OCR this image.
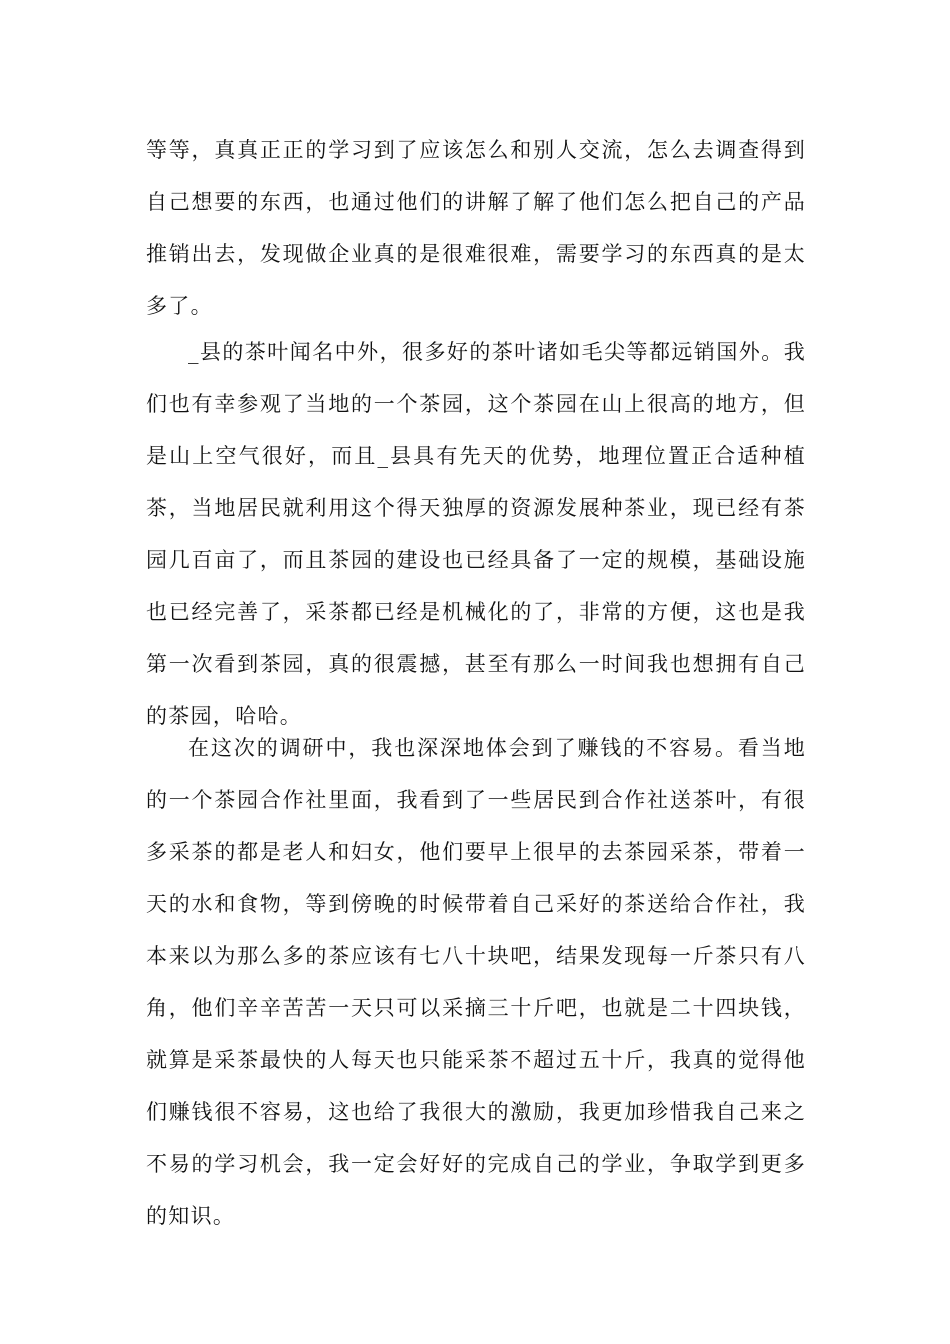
等等，真真正正的学习到了应该怎么和别人交流，怎么去调查得到
自己想要的东西，也通过他们的讲解了解了他们怎么把自己的产品
推销出去，发现做企业真的是很难很难，需要学习的东西真的是太
多了。
_县的茶叶闻名中外，很多好的茶叶诸如毛尖等都远销国外。我
们也有幸参观了当地的一个茶园，这个茶园在山上很高的地方，但
是山上空气很好，而且_县具有先天的优势，地理位置正合适种植
茶，当地居民就利用这个得天独厚的资源发展种茶业，现已经有茶
园几百亩了，而且茶园的建设也已经具备了一定的规模，基础设施
也已经完善了，采茶都已经是机械化的了，非常的方便，这也是我
第一次看到茶园，真的很震撼，甚至有那么一时间我也想拥有自己
的茶园，哈哈。
在这次的调研中，我也深深地体会到了赚钱的不容易。看当地
的一个茶园合作社里面，我看到了一些居民到合作社送茶叶，有很
多采茶的都是老人和妇女，他们要早上很早的去茶园采茶，带着一
天的水和食物，等到傍晚的时候带着自己采好的茶送给合作社，我
本来以为那么多的茶应该有七八十块吧，结果发现每一斤茶只有八
角，他们辛辛苦苦一天只可以采摘三十斤吧，也就是二十四块钱，
就算是采茶最快的人每天也只能采茶不超过五十斤，我真的觉得他
们赚钱很不容易，这也给了我很大的激励，我更加珍惜我自己来之
不易的学习机会，我一定会好好的完成自己的学业，争取学到更多
的知识。
